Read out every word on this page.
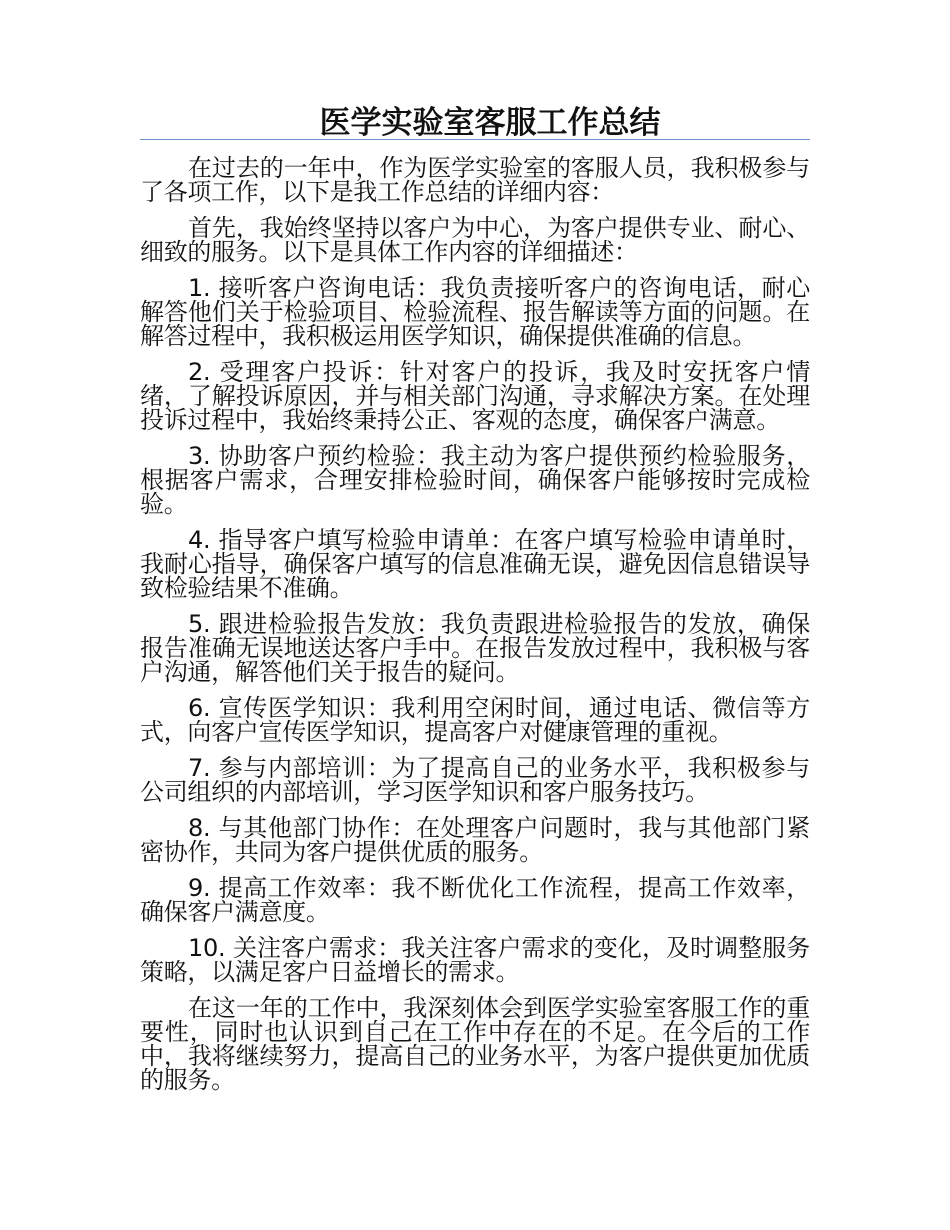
医学实验室客服工作总结

在过去的一年中，作为医学实验室的客服人员，我积极参与了各项工作，以下是我工作总结的详细内容：

首先，我始终坚持以客户为中心，为客户提供专业、耐心、细致的服务。以下是具体工作内容的详细描述：

1. 接听客户咨询电话：我负责接听客户的咨询电话，耐心解答他们关于检验项目、检验流程、报告解读等方面的问题。在解答过程中，我积极运用医学知识，确保提供准确的信息。

2. 受理客户投诉：针对客户的投诉，我及时安抚客户情绪，了解投诉原因，并与相关部门沟通，寻求解决方案。在处理投诉过程中，我始终秉持公正、客观的态度，确保客户满意。

3. 协助客户预约检验：我主动为客户提供预约检验服务，根据客户需求，合理安排检验时间，确保客户能够按时完成检验。

4. 指导客户填写检验申请单：在客户填写检验申请单时，我耐心指导，确保客户填写的信息准确无误，避免因信息错误导致检验结果不准确。

5. 跟进检验报告发放：我负责跟进检验报告的发放，确保报告准确无误地送达客户手中。在报告发放过程中，我积极与客户沟通，解答他们关于报告的疑问。

6. 宣传医学知识：我利用空闲时间，通过电话、微信等方式，向客户宣传医学知识，提高客户对健康管理的重视。

7. 参与内部培训：为了提高自己的业务水平，我积极参与公司组织的内部培训，学习医学知识和客户服务技巧。

8. 与其他部门协作：在处理客户问题时，我与其他部门紧密协作，共同为客户提供优质的服务。

9. 提高工作效率：我不断优化工作流程，提高工作效率，确保客户满意度。

10. 关注客户需求：我关注客户需求的变化，及时调整服务策略，以满足客户日益增长的需求。

在这一年的工作中，我深刻体会到医学实验室客服工作的重要性，同时也认识到自己在工作中存在的不足。在今后的工作中，我将继续努力，提高自己的业务水平，为客户提供更加优质的服务。
